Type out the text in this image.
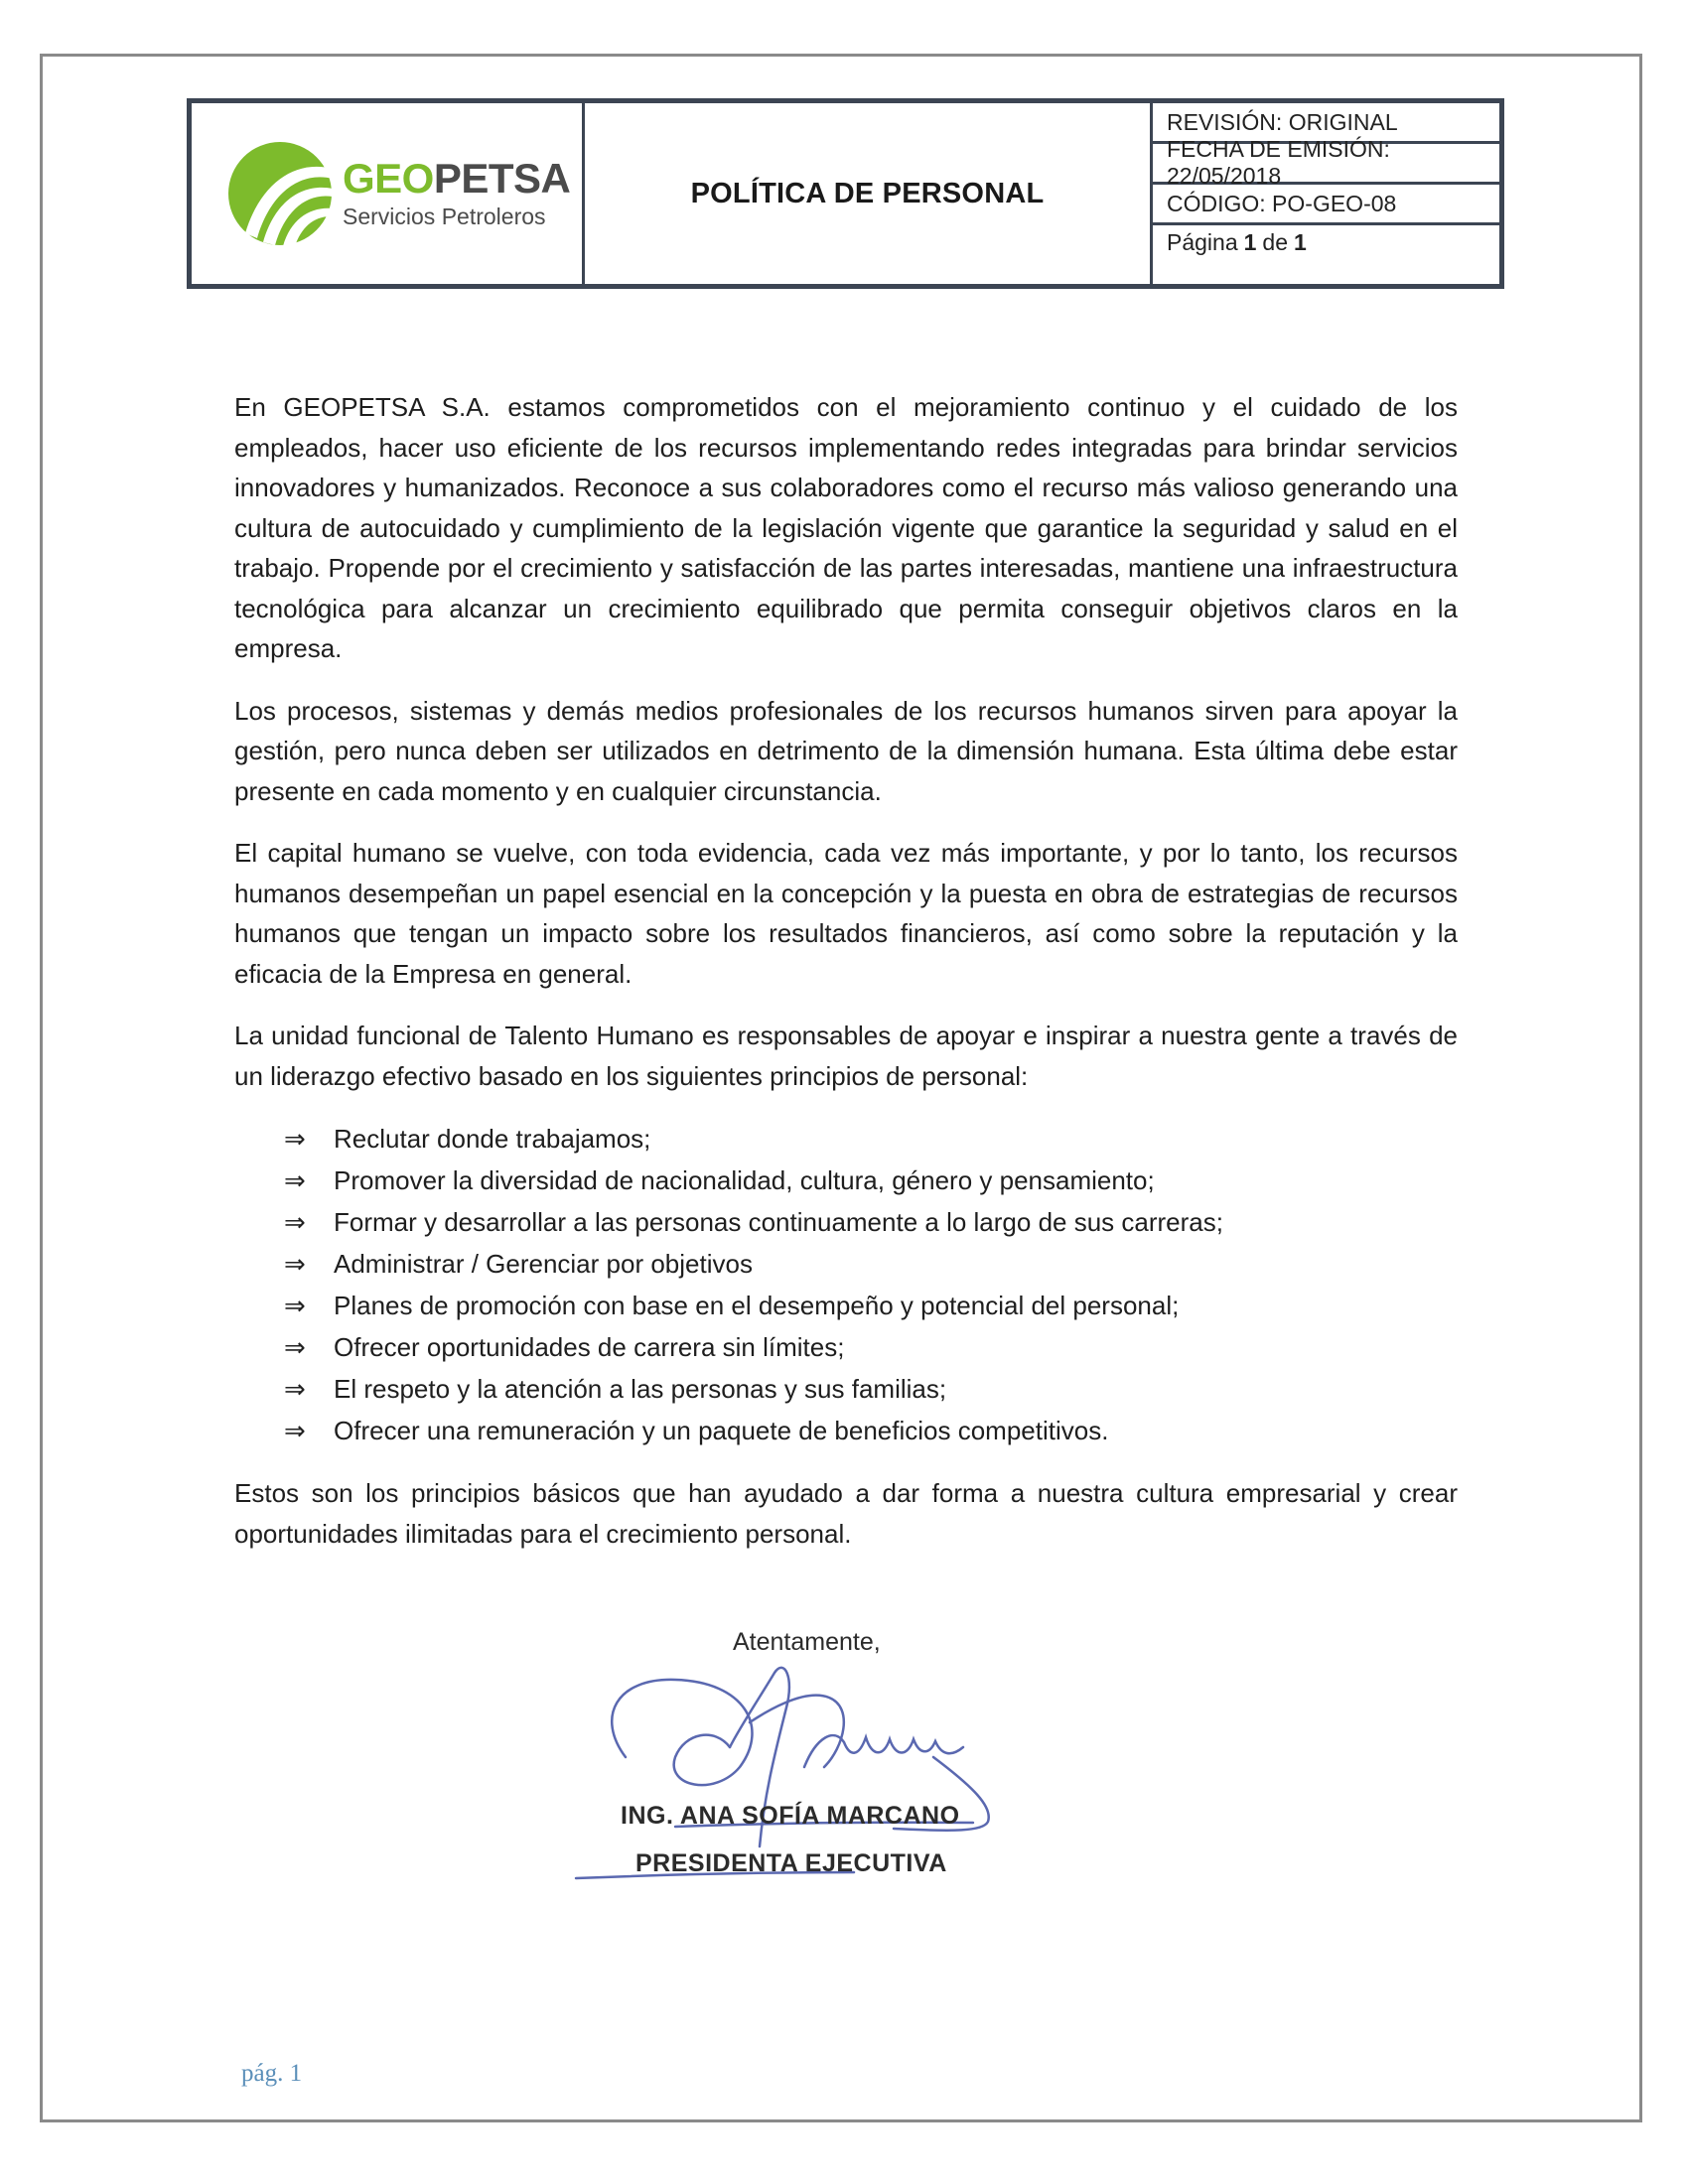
GEOPETSA
Servicios Petroleros
POLÍTICA DE PERSONAL
REVISIÓN: ORIGINAL
FECHA DE EMISIÓN: 22/05/2018
CÓDIGO: PO-GEO-08
Página 1 de 1

En GEOPETSA S.A. estamos comprometidos con el mejoramiento continuo y el cuidado de los empleados, hacer uso eficiente de los recursos implementando redes integradas para brindar servicios innovadores y humanizados. Reconoce a sus colaboradores como el recurso más valioso generando una cultura de autocuidado y cumplimiento de la legislación vigente que garantice la seguridad y salud en el trabajo. Propende por el crecimiento y satisfacción de las partes interesadas, mantiene una infraestructura tecnológica para alcanzar un crecimiento equilibrado que permita conseguir objetivos claros en la empresa.

Los procesos, sistemas y demás medios profesionales de los recursos humanos sirven para apoyar la gestión, pero nunca deben ser utilizados en detrimento de la dimensión humana. Esta última debe estar presente en cada momento y en cualquier circunstancia.

El capital humano se vuelve, con toda evidencia, cada vez más importante, y por lo tanto, los recursos humanos desempeñan un papel esencial en la concepción y la puesta en obra de estrategias de recursos humanos que tengan un impacto sobre los resultados financieros, así como sobre la reputación y la eficacia de la Empresa en general.

La unidad funcional de Talento Humano es responsables de apoyar e inspirar a nuestra gente a través de un liderazgo efectivo basado en los siguientes principios de personal:

⇒	Reclutar donde trabajamos;
⇒	Promover la diversidad de nacionalidad, cultura, género y pensamiento;
⇒	Formar y desarrollar a las personas continuamente a lo largo de sus carreras;
⇒	Administrar / Gerenciar por objetivos
⇒	Planes de promoción con base en el desempeño y potencial del personal;
⇒	Ofrecer oportunidades de carrera sin límites;
⇒	El respeto y la atención a las personas y sus familias;
⇒	Ofrecer una remuneración y un paquete de beneficios competitivos.

Estos son los principios básicos que han ayudado a dar forma a nuestra cultura empresarial y crear oportunidades ilimitadas para el crecimiento personal.

Atentamente,
ING. ANA SOFÍA MARCANO
PRESIDENTA EJECUTIVA
pág. 1
